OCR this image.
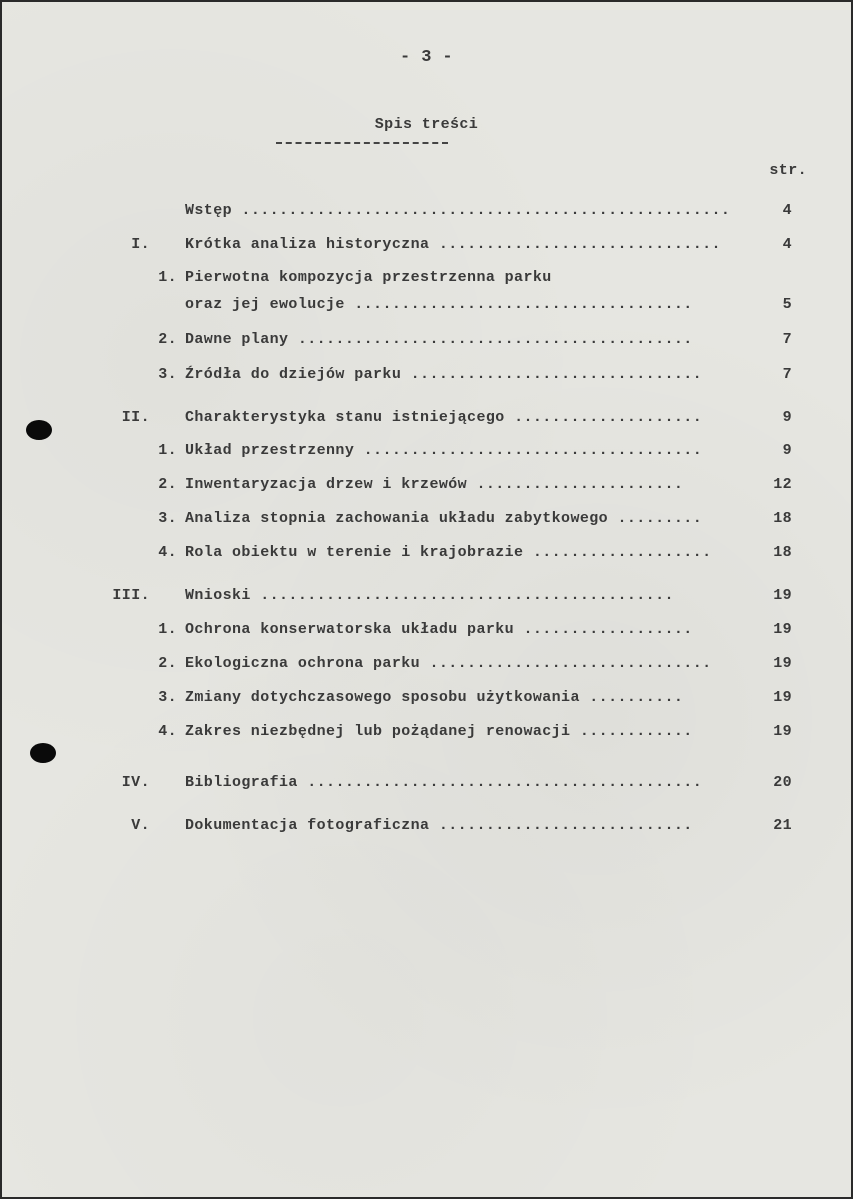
- 3 -
Spis treści
str.
Wstęp ....................................................	4
I. Krótka analiza historyczna ..............................	4
1. Pierwotna kompozycja przestrzenna parku
oraz jej ewolucje ....................................	5
2. Dawne plany ..........................................	7
3. Źródła do dziejów parku ...............................	7
II. Charakterystyka stanu istniejącego ....................	9
1. Układ przestrzenny ....................................	9
2. Inwentaryzacja drzew i krzewów ......................	12
3. Analiza stopnia zachowania układu zabytkowego .........	18
4. Rola obiektu w terenie i krajobrazie ...................	18
III. Wnioski ............................................	19
1. Ochrona konserwatorska układu parku ..................	19
2. Ekologiczna ochrona parku ..............................	19
3. Zmiany dotychczasowego sposobu użytkowania ..........	19
4. Zakres niezbędnej lub pożądanej renowacji ............	19
IV. Bibliografia ..........................................	20
V. Dokumentacja fotograficzna ...........................	21
